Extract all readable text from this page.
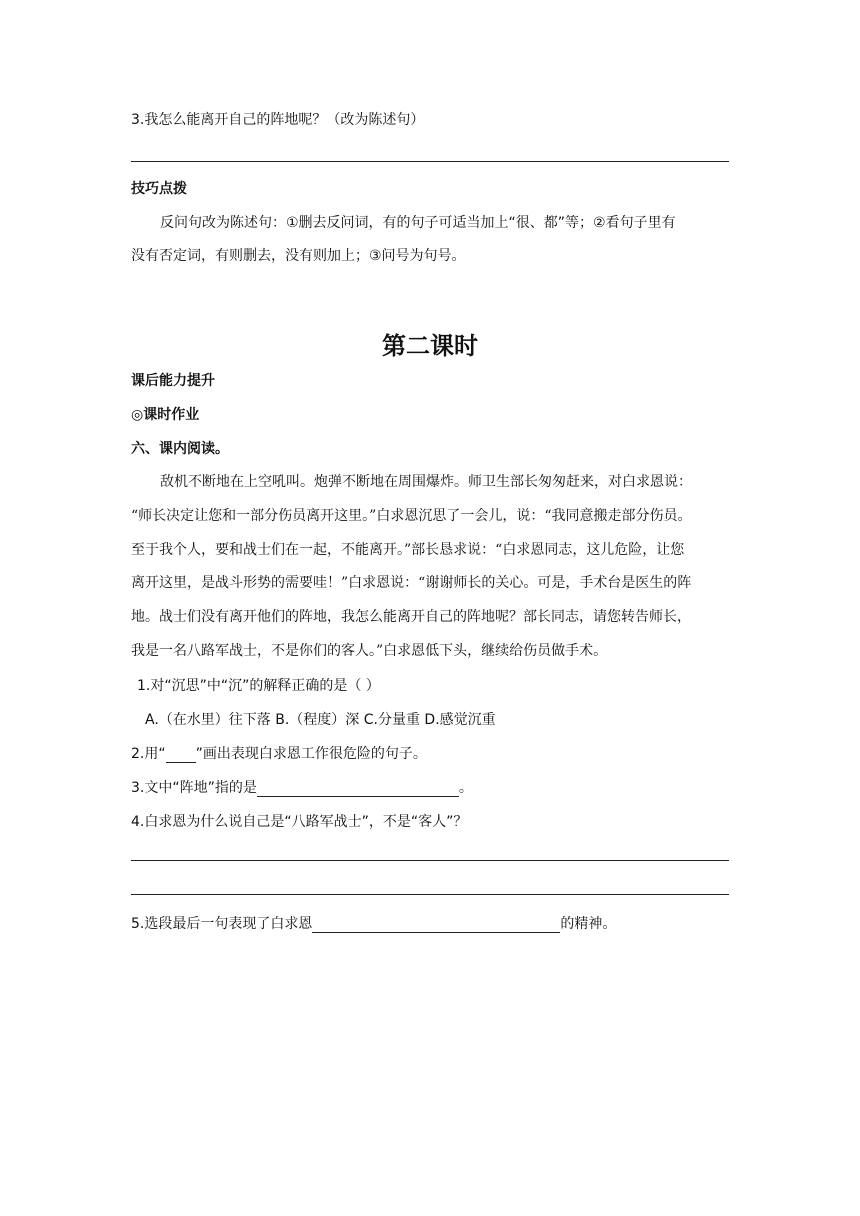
3.我怎么能离开自己的阵地呢？（改为陈述句）
技巧点拨
反问句改为陈述句：①删去反问词，有的句子可适当加上“很、都”等；②看句子里有
没有否定词，有则删去，没有则加上；③问号为句号。
第二课时
课后能力提升
◎课时作业
六、课内阅读。
敌机不断地在上空吼叫。炮弹不断地在周围爆炸。师卫生部长匆匆赶来，对白求恩说：
“师长决定让您和一部分伤员离开这里。”白求恩沉思了一会儿，说：“我同意搬走部分伤员。
至于我个人，要和战士们在一起，不能离开。”部长恳求说：“白求恩同志，这儿危险，让您
离开这里，是战斗形势的需要哇！”白求恩说：“谢谢师长的关心。可是，手术台是医生的阵
地。战士们没有离开他们的阵地，我怎么能离开自己的阵地呢？部长同志，请您转告师长，
我是一名八路军战士，不是你们的客人。”白求恩低下头，继续给伤员做手术。
1.对“沉思”中“沉”的解释正确的是（ ）
A.（在水里）往下落 B.（程度）深 C.分量重 D.感觉沉重
2.用“ ”画出表现白求恩工作很危险的句子。
3.文中“阵地”指的是	。
4.白求恩为什么说自己是“八路军战士”，不是“客人”？
5.选段最后一句表现了白求恩	的精神。
